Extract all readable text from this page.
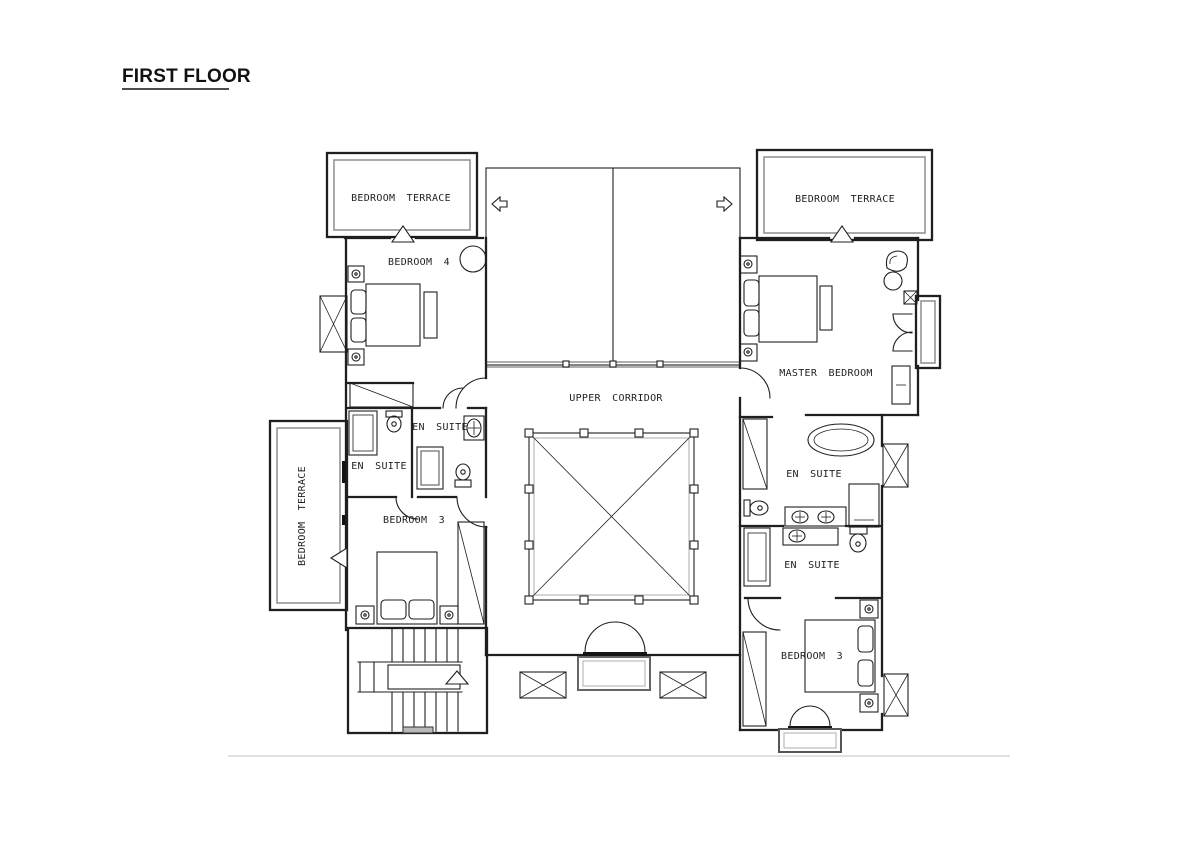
FIRST FLOOR
BEDROOM TERRACE	BEDROOM TERRACE
BEDROOM 4
EN SUITE
EN SUITE
BEDROOM 3
BEDROOM TERRACE
UPPER CORRIDOR
MASTER BEDROOM
EN SUITE
EN SUITE
BEDROOM 3
